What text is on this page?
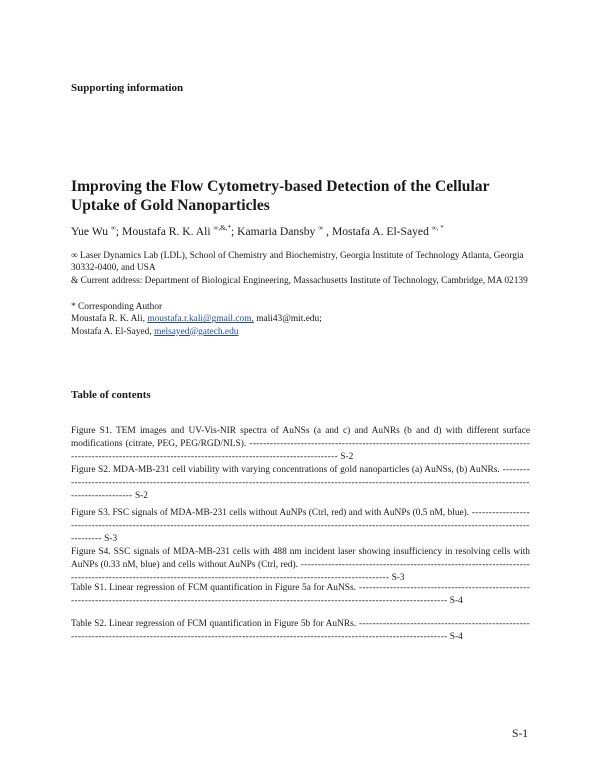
Supporting information
Improving the Flow Cytometry-based Detection of the Cellular Uptake of Gold Nanoparticles
Yue Wu ∞; Moustafa R. K. Ali ∞,&,*; Kamaria Dansby ∞ , Mostafa A. El-Sayed ∞, *
∞ Laser Dynamics Lab (LDL), School of Chemistry and Biochemistry, Georgia Institute of Technology Atlanta, Georgia 30332-0400, and USA
& Current address: Department of Biological Engineering, Massachusetts Institute of Technology, Cambridge, MA 02139
* Corresponding Author
Moustafa R. K. Ali, moustafa.r.kali@gmail.com, mali43@mit.edu;
Mostafa A. El-Sayed, melsayed@gatech.edu
Table of contents
Figure S1. TEM images and UV-Vis-NIR spectra of AuNSs (a and c) and AuNRs (b and d) with different surface modifications (citrate, PEG, PEG/RGD/NLS). ---------------------------------------------------------------------------------------------------------------------------------------------------------------- S-2
Figure S2. MDA-MB-231 cell viability with varying concentrations of gold nanoparticles (a) AuNSs, (b) AuNRs. ---------------------------------------------------------------------------------------------------------------------------------------------------------------- S-2
Figure S3. FSC signals of MDA-MB-231 cells without AuNPs (Ctrl, red) and with AuNPs (0.5 nM, blue). ---------------------------------------------------------------------------------------------------------------------------------------------------------------- S-3
Figure S4. SSC signals of MDA-MB-231 cells with 488 nm incident laser showing insufficiency in resolving cells with AuNPs (0.33 nM, blue) and cells without AuNPs (Ctrl, red). ---------------------------------------------------------------------------------------------------------------------------------------------------------------- S-3
Table S1. Linear regression of FCM quantification in Figure 5a for AuNSs. ---------------------------------------------------------------------------------------------------------------------------------------------------------------- S-4
Table S2. Linear regression of FCM quantification in Figure 5b for AuNRs. ---------------------------------------------------------------------------------------------------------------------------------------------------------------- S-4
S-1
